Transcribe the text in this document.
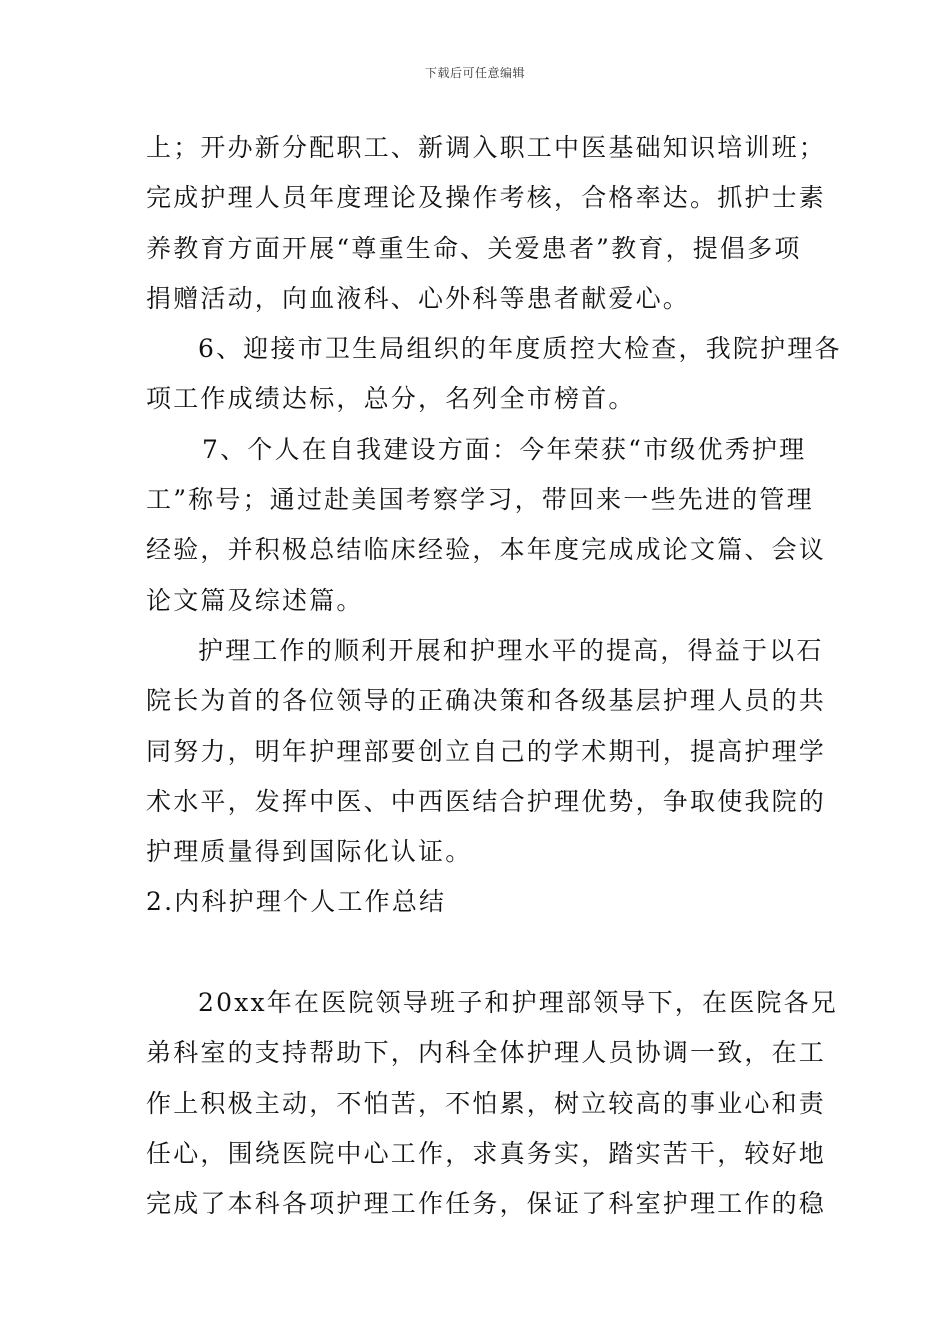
下载后可任意编辑
上；开办新分配职工、新调入职工中医基础知识培训班；
完成护理人员年度理论及操作考核，合格率达。抓护士素
养教育方面开展“尊重生命、关爱患者”教育，提倡多项
捐赠活动，向血液科、心外科等患者献爱心。
6、迎接市卫生局组织的年度质控大检查，我院护理各
项工作成绩达标，总分，名列全市榜首。
7、个人在自我建设方面：今年荣获“市级优秀护理
工”称号；通过赴美国考察学习，带回来一些先进的管理
经验，并积极总结临床经验，本年度完成成论文篇、会议
论文篇及综述篇。
护理工作的顺利开展和护理水平的提高，得益于以石
院长为首的各位领导的正确决策和各级基层护理人员的共
同努力，明年护理部要创立自己的学术期刊，提高护理学
术水平，发挥中医、中西医结合护理优势，争取使我院的
护理质量得到国际化认证。
2.内科护理个人工作总结
20xx年在医院领导班子和护理部领导下，在医院各兄
弟科室的支持帮助下，内科全体护理人员协调一致，在工
作上积极主动，不怕苦，不怕累，树立较高的事业心和责
任心，围绕医院中心工作，求真务实，踏实苦干，较好地
完成了本科各项护理工作任务，保证了科室护理工作的稳
